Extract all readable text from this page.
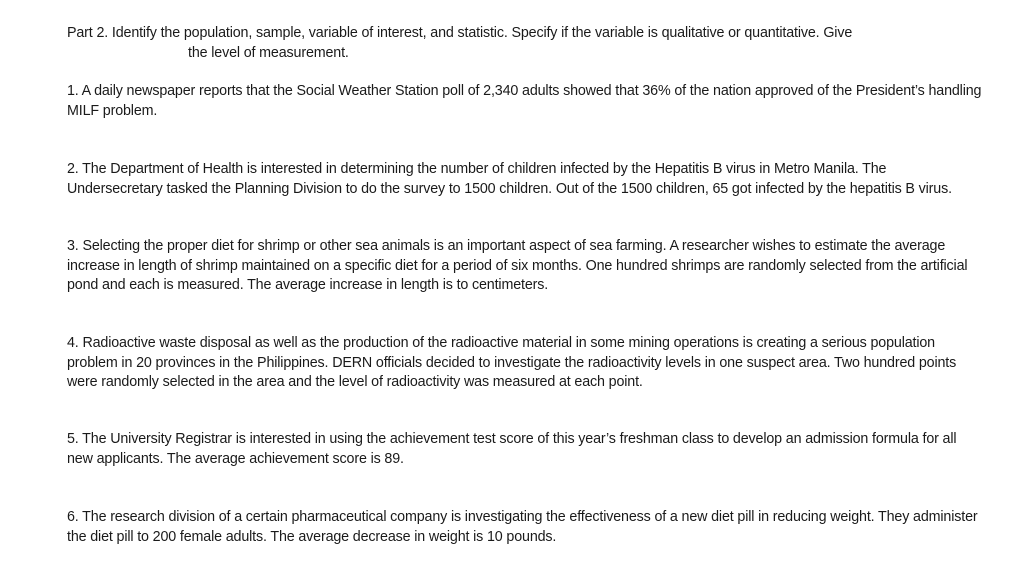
Part 2. Identify the population, sample, variable of interest, and statistic. Specify if the variable is qualitative or quantitative. Give

the level of measurement.

1. A daily newspaper reports that the Social Weather Station poll of 2,340 adults showed that 36% of the nation approved of the President’s handling MILF problem.

2. The Department of Health is interested in determining the number of children infected by the Hepatitis B virus in Metro Manila. The Undersecretary tasked the Planning Division to do the survey to 1500 children. Out of the 1500 children, 65 got infected by the hepatitis B virus.

3. Selecting the proper diet for shrimp or other sea animals is an important aspect of sea farming. A researcher wishes to estimate the average increase in length of shrimp maintained on a specific diet for a period of six months. One hundred shrimps are randomly selected from the artificial pond and each is measured. The average increase in length is to centimeters.

4. Radioactive waste disposal as well as the production of the radioactive material in some mining operations is creating a serious population problem in 20 provinces in the Philippines. DERN officials decided to investigate the radioactivity levels in one suspect area. Two hundred points were randomly selected in the area and the level of radioactivity was measured at each point.

5. The University Registrar is interested in using the achievement test score of this year’s freshman class to develop an admission formula for all new applicants. The average achievement score is 89.

6. The research division of a certain pharmaceutical company is investigating the effectiveness of a new diet pill in reducing weight. They administer the diet pill to 200 female adults. The average decrease in weight is 10 pounds.
